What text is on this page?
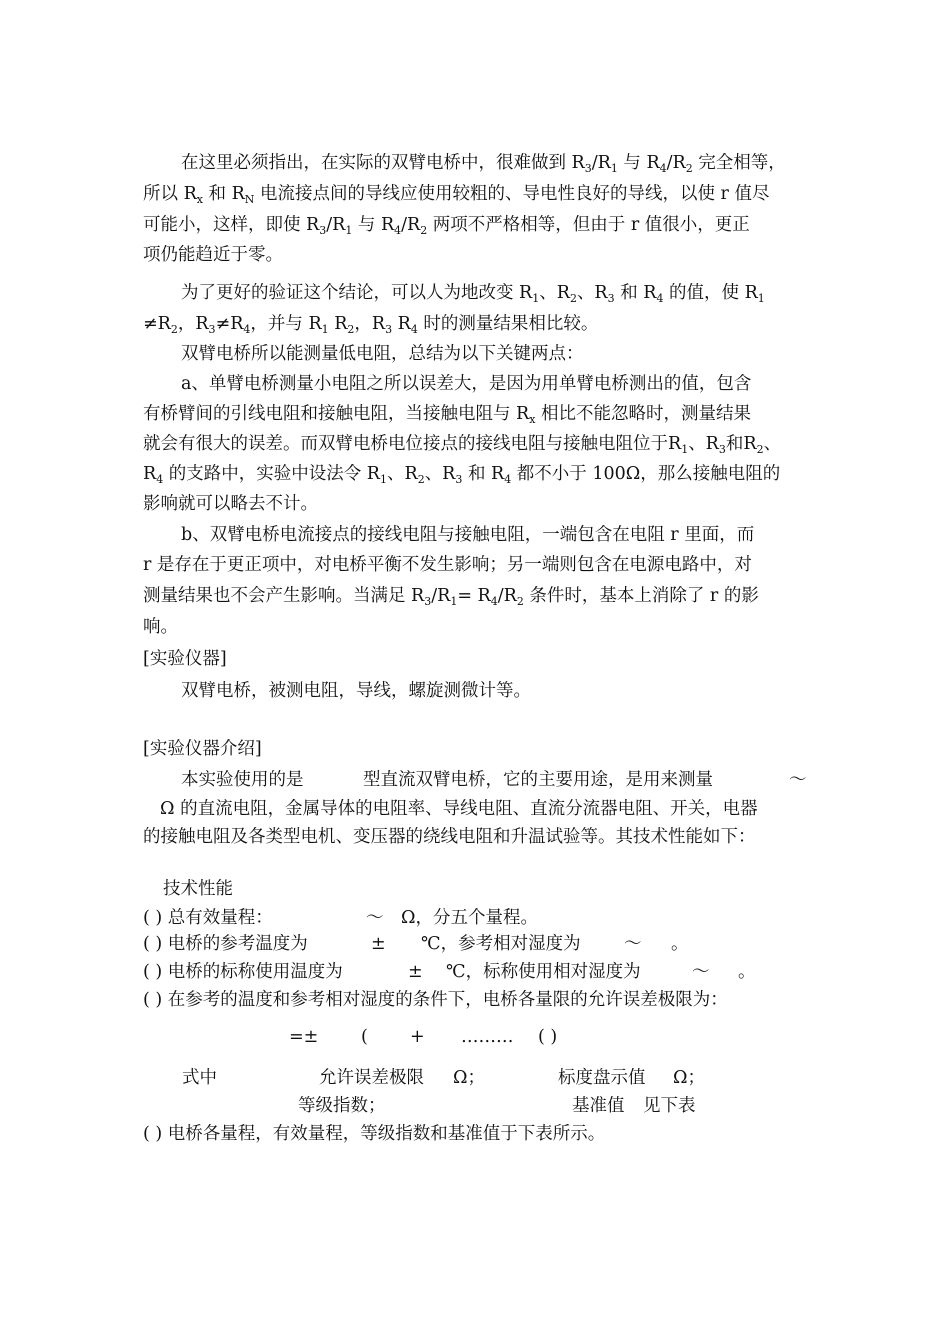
在这里必须指出，在实际的双臂电桥中，很难做到 $R_3/R_1$ 与 $R_4/R_2$ 完全相等，
所以 $R_x$ 和 $R_N$ 电流接点间的导线应使用较粗的、导电性良好的导线，以使 r 值尽
可能小，这样，即使 $R_3/R_1$ 与 $R_4/R_2$ 两项不严格相等，但由于 r 值很小，更正
项仍能趋近于零。
为了更好的验证这个结论，可以人为地改变 $R_1$、$R_2$、$R_3$ 和 $R_4$ 的值，使 $R_1$
$\ne R_2$，$R_3\ne R_4$，并与 $R_1$ $R_2$，$R_3$ $R_4$ 时的测量结果相比较。
双臂电桥所以能测量低电阻，总结为以下关键两点：
a、单臂电桥测量小电阻之所以误差大，是因为用单臂电桥测出的值，包含
有桥臂间的引线电阻和接触电阻，当接触电阻与 $R_x$ 相比不能忽略时，测量结果
就会有很大的误差。而双臂电桥电位接点的接线电阻与接触电阻位于$R_1$、$R_3$和$R_2$、
$R_4$ 的支路中，实验中设法令 $R_1$、$R_2$、$R_3$ 和 $R_4$ 都不小于 100Ω，那么接触电阻的
影响就可以略去不计。
b、双臂电桥电流接点的接线电阻与接触电阻，一端包含在电阻 r 里面，而
r 是存在于更正项中，对电桥平衡不发生影响；另一端则包含在电源电路中，对
测量结果也不会产生影响。当满足 $R_3/R_1= R_4/R_2$ 条件时，基本上消除了 r 的影
响。
[实验仪器]
双臂电桥，被测电阻，导线，螺旋测微计等。
[实验仪器介绍]
本实验使用的是	型直流双臂电桥，它的主要用途，是用来测量	～
Ω 的直流电阻，金属导体的电阻率、导线电阻、直流分流器电阻、开关，电器
的接触电阻及各类型电机、变压器的绕线电阻和升温试验等。其技术性能如下：
技术性能
( ) 总有效量程：	～ Ω，分五个量程。
( ) 电桥的参考温度为	± ℃，参考相对湿度为 ～ 。
( ) 电桥的标称使用温度为	± ℃，标称使用相对湿度为	～ 。
( ) 在参考的温度和参考相对湿度的条件下，电桥各量限的允许误差极限为：
=± ( + ……… ( )
式中	允许误差极限 Ω；	标度盘示值 Ω；
等级指数；	基准值 见下表
( ) 电桥各量程，有效量程，等级指数和基准值于下表所示。
